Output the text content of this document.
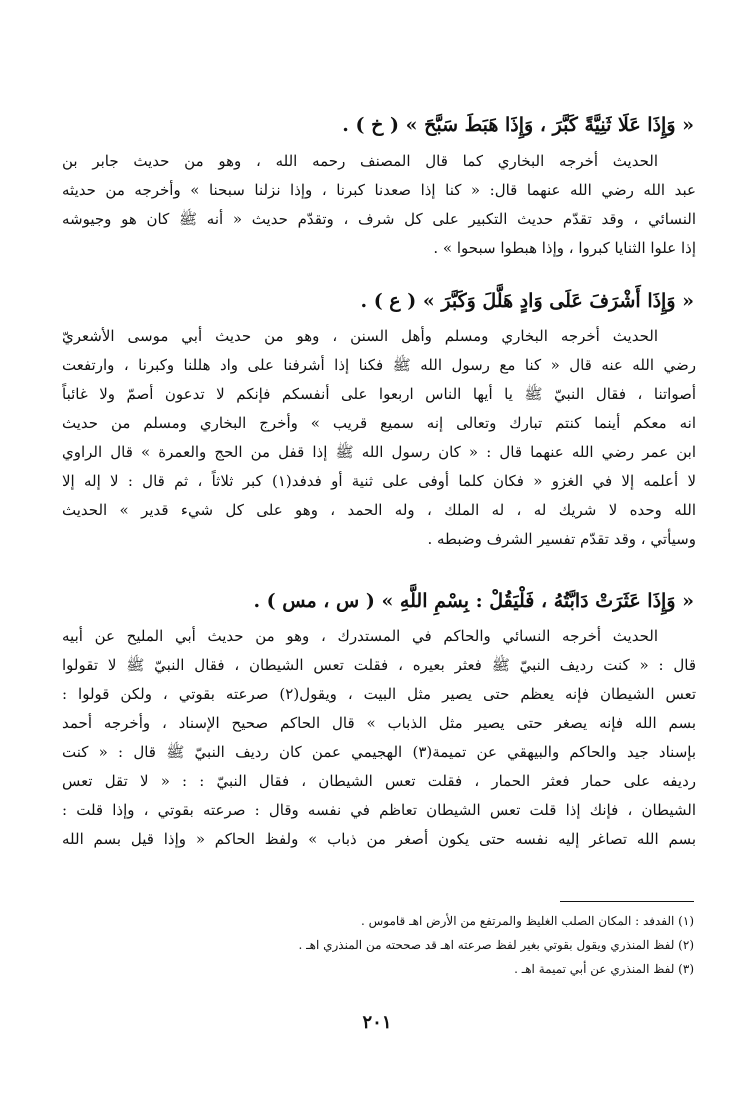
« وَإِذَا عَلَا ثَنِيَّةً كَبَّرَ ، وَإِذَا هَبَطَ سَبَّحَ » ( خ ) .
الحديث أخرجه البخاري كما قال المصنف رحمه الله ، وهو من حديث جابر بن
عبد الله رضي الله عنهما قال: « كنا إذا صعدنا كبرنا ، وإذا نزلنا سبحنا » وأخرجه من حديثه
النسائي ، وقد تقدّم حديث التكبير على كل شرف ، وتقدّم حديث « أنه ﷺ كان هو وجيوشه
إذا علوا الثنايا كبروا ، وإذا هبطوا سبحوا » .
« وَإِذَا أَشْرَفَ عَلَى وَادٍ هَلَّلَ وَكَبَّرَ » ( ع ) .
الحديث أخرجه البخاري ومسلم وأهل السنن ، وهو من حديث أبي موسى الأشعريّ
رضي الله عنه قال « كنا مع رسول الله ﷺ فكنا إذا أشرفنا على واد هللنا وكبرنا ، وارتفعت
أصواتنا ، فقال النبيّ ﷺ يا أيها الناس اربعوا على أنفسكم فإنكم لا تدعون أصمّ ولا غائباً
انه معكم أينما كنتم تبارك وتعالى إنه سميع قريب » وأخرج البخاري ومسلم من حديث
ابن عمر رضي الله عنهما قال : « كان رسول الله ﷺ إذا قفل من الحج والعمرة » قال الراوي
لا أعلمه إلا في الغزو « فكان كلما أوفى على ثنية أو فدفد(١) كبر ثلاثاً ، ثم قال : لا إله إلا
الله وحده لا شريك له ، له الملك ، وله الحمد ، وهو على كل شيء قدير » الحديث
وسيأتي ، وقد تقدّم تفسير الشرف وضبطه .
« وَإِذَا عَثَرَتْ دَابَّتُهُ ، فَلْيَقُلْ : بِسْمِ اللَّهِ » ( س ، مس ) .
الحديث أخرجه النسائي والحاكم في المستدرك ، وهو من حديث أبي المليح عن أبيه
قال : « كنت رديف النبيّ ﷺ فعثر بعيره ، فقلت تعس الشيطان ، فقال النبيّ ﷺ لا تقولوا
تعس الشيطان فإنه يعظم حتى يصير مثل البيت ، ويقول(٢) صرعته بقوتي ، ولكن قولوا :
بسم الله فإنه يصغر حتى يصير مثل الذباب » قال الحاكم صحيح الإسناد ، وأخرجه أحمد
بإسناد جيد والحاكم والبيهقي عن تميمة(٣) الهجيمي عمن كان رديف النبيّ ﷺ قال : « كنت
رديفه على حمار فعثر الحمار ، فقلت تعس الشيطان ، فقال النبيّ : : « لا تقل تعس
الشيطان ، فإنك إذا قلت تعس الشيطان تعاظم في نفسه وقال : صرعته بقوتي ، وإذا قلت :
بسم الله تصاغر إليه نفسه حتى يكون أصغر من ذباب » ولفظ الحاكم « وإذا قيل بسم الله
(١) الفدفد : المكان الصلب الغليظ والمرتفع من الأرض اهـ قاموس .
(٢) لفظ المنذري ويقول بقوتي بغير لفظ صرعته اهـ قد صححته من المنذري اهـ .
(٣) لفظ المنذري عن أبي تميمة اهـ .
٢٠١
